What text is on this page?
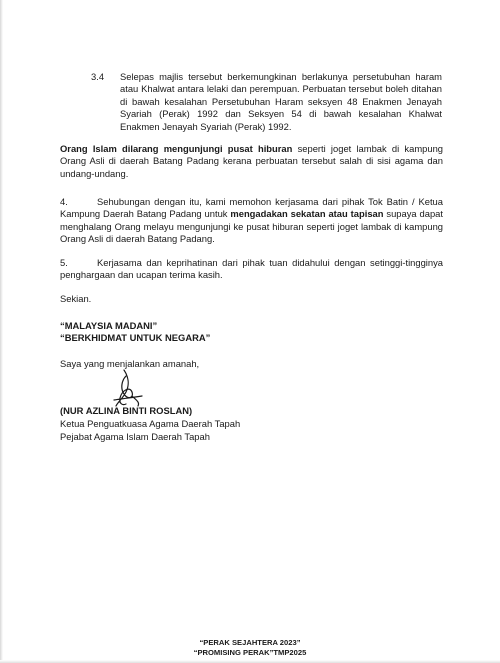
3.4 Selepas majlis tersebut berkemungkinan berlakunya persetubuhan haram atau Khalwat antara lelaki dan perempuan. Perbuatan tersebut boleh ditahan di bawah kesalahan Persetubuhan Haram seksyen 48 Enakmen Jenayah Syariah (Perak) 1992 dan Seksyen 54 di bawah kesalahan Khalwat Enakmen Jenayah Syariah (Perak) 1992.
Orang Islam dilarang mengunjungi pusat hiburan seperti joget lambak di kampung Orang Asli di daerah Batang Padang kerana perbuatan tersebut salah di sisi agama dan undang-undang.
4.	Sehubungan dengan itu, kami memohon kerjasama dari pihak Tok Batin / Ketua Kampung Daerah Batang Padang untuk mengadakan sekatan atau tapisan supaya dapat menghalang Orang melayu mengunjungi ke pusat hiburan seperti joget lambak di kampung Orang Asli di daerah Batang Padang.
5.	Kerjasama dan keprihatinan dari pihak tuan didahului dengan setinggi-tingginya penghargaan dan ucapan terima kasih.
Sekian.
“MALAYSIA MADANI”
“BERKHIDMAT UNTUK NEGARA”
Saya yang menjalankan amanah,
(NUR AZLINA BINTI ROSLAN)
Ketua Penguatkuasa Agama Daerah Tapah
Pejabat Agama Islam Daerah Tapah
“PERAK SEJAHTERA 2023”
“PROMISING PERAK”TMP2025
